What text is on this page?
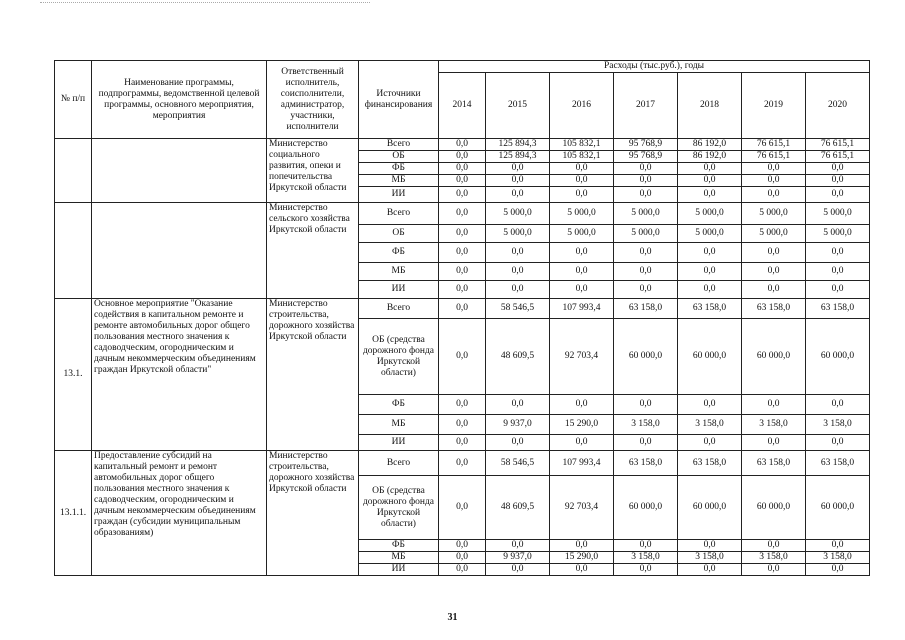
№ п/п	Наименование программы, подпрограммы, ведомственной целевой программы, основного мероприятия, мероприятия	Ответственный исполнитель, соисполнители, администратор, участники, исполнители	Источники финансирования	Расходы (тыс.руб.), годы						
				2014	2015	2016	2017	2018	2019	2020
		Министерство социального развития, опеки и попечительства Иркутской области	Всего	0,0	125 894,3	105 832,1	95 768,9	86 192,0	76 615,1	76 615,1
			ОБ	0,0	125 894,3	105 832,1	95 768,9	86 192,0	76 615,1	76 615,1
			ФБ	0,0	0,0	0,0	0,0	0,0	0,0	0,0
			МБ	0,0	0,0	0,0	0,0	0,0	0,0	0,0
			ИИ	0,0	0,0	0,0	0,0	0,0	0,0	0,0
		Министерство сельского хозяйства Иркутской области	Всего	0,0	5 000,0	5 000,0	5 000,0	5 000,0	5 000,0	5 000,0
			ОБ	0,0	5 000,0	5 000,0	5 000,0	5 000,0	5 000,0	5 000,0
			ФБ	0,0	0,0	0,0	0,0	0,0	0,0	0,0
			МБ	0,0	0,0	0,0	0,0	0,0	0,0	0,0
			ИИ	0,0	0,0	0,0	0,0	0,0	0,0	0,0
13.1.	Основное мероприятие "Оказание содействия в капитальном ремонте и ремонте автомобильных дорог общего пользования местного значения к садоводческим, огородническим и дачным некоммерческим объединениям граждан Иркутской области"	Министерство строительства, дорожного хозяйства Иркутской области	Всего	0,0	58 546,5	107 993,4	63 158,0	63 158,0	63 158,0	63 158,0
			ОБ (средства дорожного фонда Иркутской области)	0,0	48 609,5	92 703,4	60 000,0	60 000,0	60 000,0	60 000,0
			ФБ	0,0	0,0	0,0	0,0	0,0	0,0	0,0
			МБ	0,0	9 937,0	15 290,0	3 158,0	3 158,0	3 158,0	3 158,0
			ИИ	0,0	0,0	0,0	0,0	0,0	0,0	0,0
13.1.1.	Предоставление субсидий на капитальный ремонт и ремонт автомобильных дорог общего пользования местного значения к садоводческим, огородническим и дачным некоммерческим объединениям граждан (субсидии муниципальным образованиям)	Министерство строительства, дорожного хозяйства Иркутской области	Всего	0,0	58 546,5	107 993,4	63 158,0	63 158,0	63 158,0	63 158,0
			ОБ (средства дорожного фонда Иркутской области)	0,0	48 609,5	92 703,4	60 000,0	60 000,0	60 000,0	60 000,0
			ФБ	0,0	0,0	0,0	0,0	0,0	0,0	0,0
			МБ	0,0	9 937,0	15 290,0	3 158,0	3 158,0	3 158,0	3 158,0
			ИИ	0,0	0,0	0,0	0,0	0,0	0,0	0,0
31
